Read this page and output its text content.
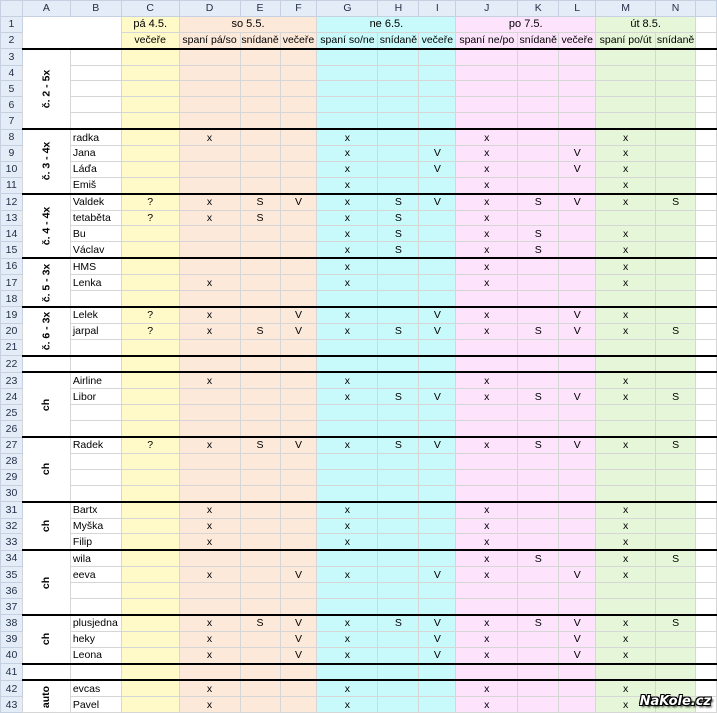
	A	B	C	D	E	F	G	H	I	J	K	L	M	N	
1			pá 4.5.	so 5.5.			ne 6.5.			po 7.5.			út 8.5.		
2			večeře	spaní pá/so	snídaně	večeře	spaní so/ne	snídaně	večeře	spaní ne/po	snídaně	večeře	spaní po/út	snídaně	
3	č. 2 - 5x														
4															
5															
6															
7															
8	č. 3 - 4x	radka		x			x			x			x		
9		Jana					x		V	x		V	x		
10		Láďa					x		V	x		V	x		
11		Emiš					x			x			x		
12	č. 4 - 4x	Valdek	?	x	S	V	x	S	V	x	S	V	x	S	
13		tetaběta	?	x	S		x	S		x					
14		Bu					x	S		x	S		x		
15		Václav					x	S		x	S		x		
16	č. 5 - 3x	HMS					x			x			x		
17		Lenka		x			x			x			x		
18															
19	č. 6 - 3x	Lelek	?	x		V	x		V	x		V	x		
20		jarpal	?	x	S	V	x	S	V	x	S	V	x	S	
21															
22															
23	ch	Airline		x			x			x			x		
24		Libor					x	S	V	x	S	V	x	S	
25															
26															
27	ch	Radek	?	x	S	V	x	S	V	x	S	V	x	S	
28															
29															
30															
31	ch	Bartx		x			x			x			x		
32		Myška		x			x			x			x		
33		Filip		x			x			x			x		
34	ch	wila								x	S		x	S	
35		eeva		x		V	x		V	x		V	x		
36															
37															
38	ch	plusjedna		x	S	V	x	S	V	x	S	V	x	S	
39		heky		x		V	x		V	x		V	x		
40		Leona		x		V	x		V	x		V	x		
41															
42	auto	evcas		x			x			x			x		
43		Pavel		x			x			x			x		NaKole.cz
